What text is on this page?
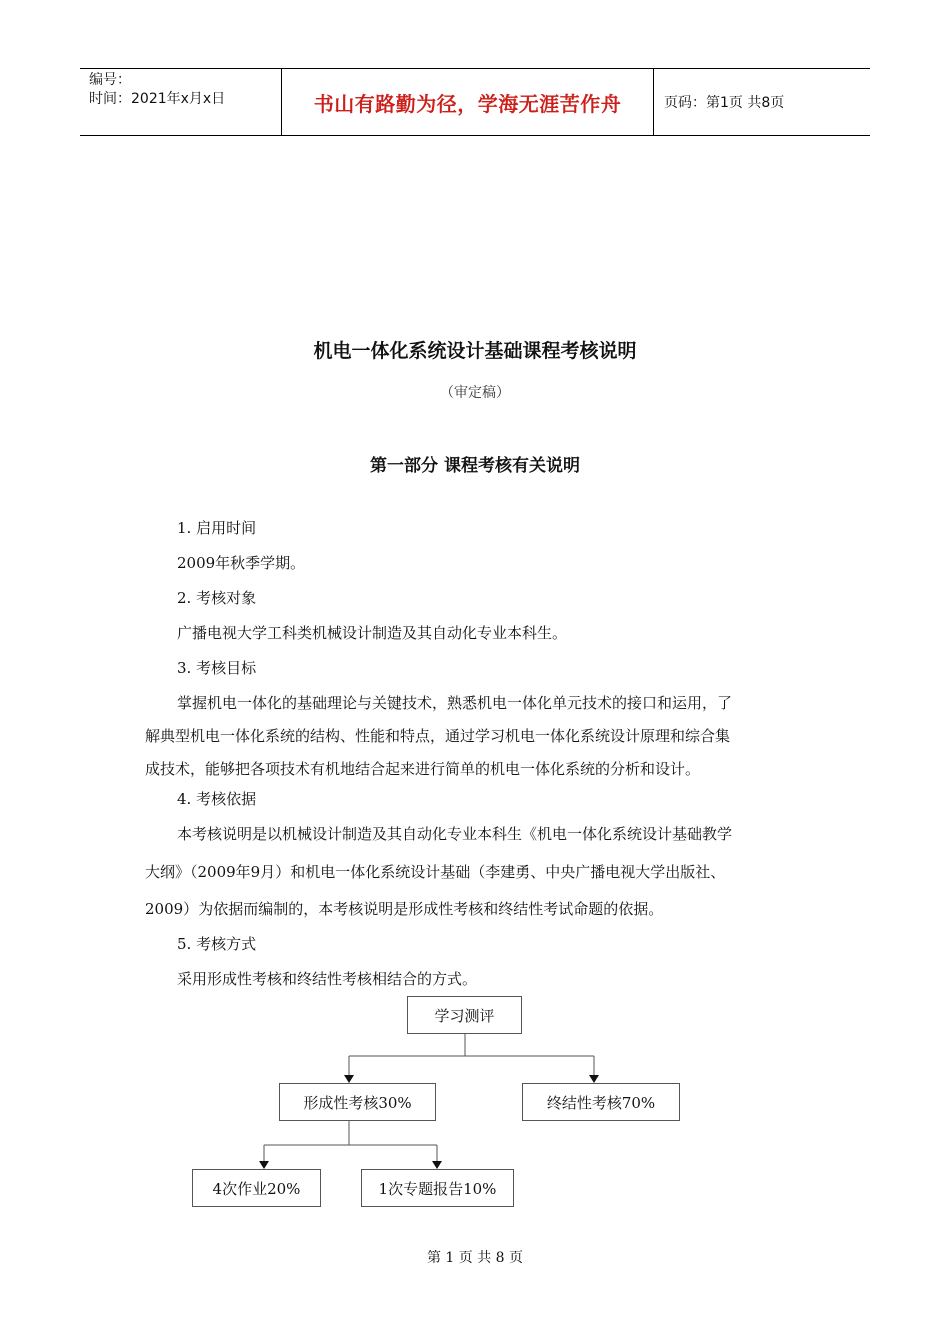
编号：
时间：2021年x月x日	书山有路勤为径，学海无涯苦作舟	页码：第1页 共8页
机电一体化系统设计基础课程考核说明
（审定稿）
第一部分 课程考核有关说明
1. 启用时间
2009年秋季学期。
2. 考核对象
广播电视大学工科类机械设计制造及其自动化专业本科生。
3. 考核目标
掌握机电一体化的基础理论与关键技术，熟悉机电一体化单元技术的接口和运用，了
解典型机电一体化系统的结构、性能和特点，通过学习机电一体化系统设计原理和综合集
成技术，能够把各项技术有机地结合起来进行简单的机电一体化系统的分析和设计。
4. 考核依据
本考核说明是以机械设计制造及其自动化专业本科生《机电一体化系统设计基础教学
大纲》（2009年9月）和机电一体化系统设计基础（李建勇、中央广播电视大学出版社、
2009）为依据而编制的，本考核说明是形成性考核和终结性考试命题的依据。
5. 考核方式
采用形成性考核和终结性考核相结合的方式。
学习测评
形成性考核30%	终结性考核70%
4次作业20%	1次专题报告10%
第 1 页 共 8 页
